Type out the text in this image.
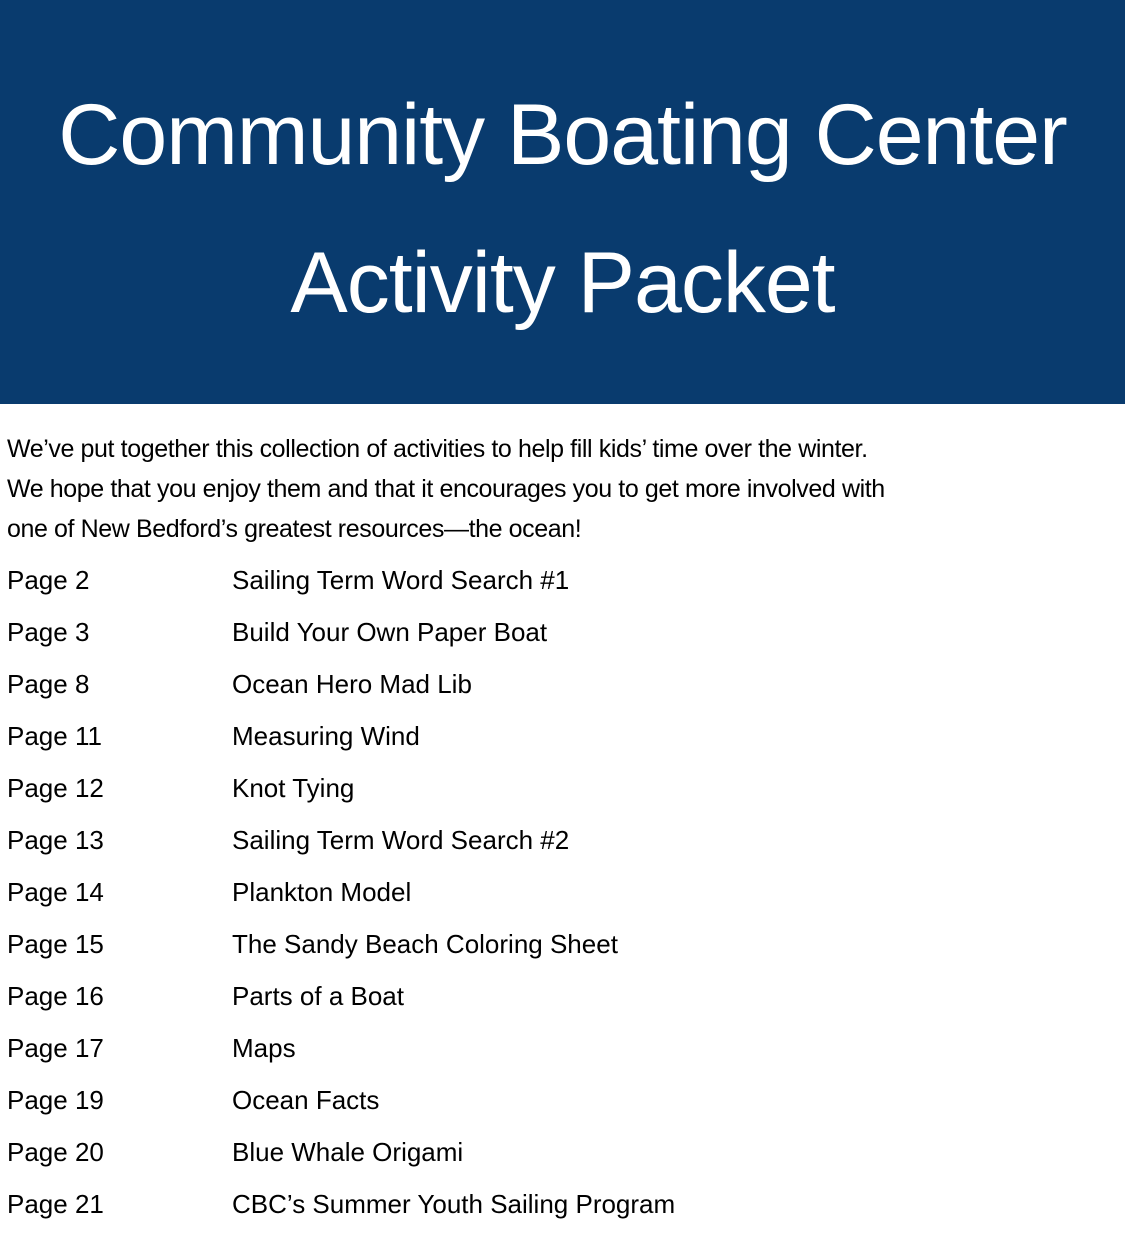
Community Boating Center
Activity Packet

We’ve put together this collection of activities to help fill kids’ time over the winter.

We hope that you enjoy them and that it encourages you to get more involved with

one of New Bedford’s greatest resources—the ocean!

Page 2	Sailing Term Word Search #1
Page 3	Build Your Own Paper Boat
Page 8	Ocean Hero Mad Lib
Page 11	Measuring Wind
Page 12	Knot Tying
Page 13	Sailing Term Word Search #2
Page 14	Plankton Model
Page 15	The Sandy Beach Coloring Sheet
Page 16	Parts of a Boat
Page 17	Maps
Page 19	Ocean Facts
Page 20	Blue Whale Origami
Page 21	CBC’s Summer Youth Sailing Program
